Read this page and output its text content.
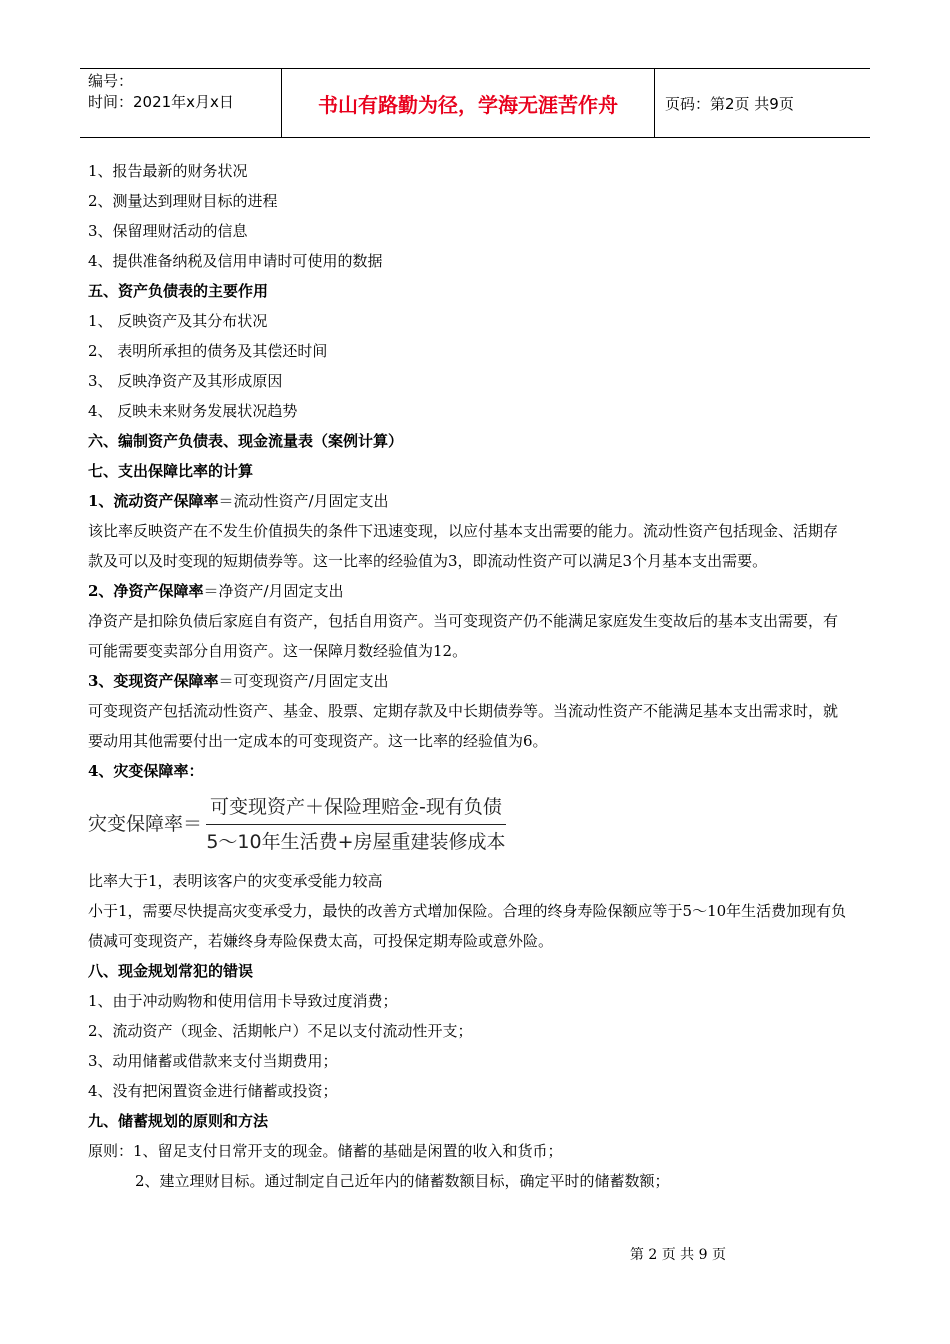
编号：
时间：2021年x月x日	书山有路勤为径，学海无涯苦作舟	页码：第2页 共9页

1、报告最新的财务状况

2、测量达到理财目标的进程

3、保留理财活动的信息

4、提供准备纳税及信用申请时可使用的数据

五、资产负债表的主要作用

1、 反映资产及其分布状况

2、 表明所承担的债务及其偿还时间

3、 反映净资产及其形成原因

4、 反映未来财务发展状况趋势

六、编制资产负债表、现金流量表（案例计算）

七、支出保障比率的计算

1、流动资产保障率＝流动性资产/月固定支出

该比率反映资产在不发生价值损失的条件下迅速变现，以应付基本支出需要的能力。流动性资产包括现金、活期存款及可以及时变现的短期债券等。这一比率的经验值为3，即流动性资产可以满足3个月基本支出需要。

2、净资产保障率＝净资产/月固定支出

净资产是扣除负债后家庭自有资产，包括自用资产。当可变现资产仍不能满足家庭发生变故后的基本支出需要，有可能需要变卖部分自用资产。这一保障月数经验值为12。

3、变现资产保障率＝可变现资产/月固定支出

可变现资产包括流动性资产、基金、股票、定期存款及中长期债券等。当流动性资产不能满足基本支出需求时，就要动用其他需要付出一定成本的可变现资产。这一比率的经验值为6。

4、灾变保障率：

灾变保障率＝ $\frac{\text{可变现资产＋保险理赔金-现有负债}}{\text{5～10年生活费+房屋重建装修成本}}$

比率大于1，表明该客户的灾变承受能力较高

小于1，需要尽快提高灾变承受力，最快的改善方式增加保险。合理的终身寿险保额应等于5～10年生活费加现有负债减可变现资产，若嫌终身寿险保费太高，可投保定期寿险或意外险。

八、现金规划常犯的错误

1、由于冲动购物和使用信用卡导致过度消费；

2、流动资产（现金、活期帐户）不足以支付流动性开支；

3、动用储蓄或借款来支付当期费用；

4、没有把闲置资金进行储蓄或投资；

九、储蓄规划的原则和方法

原则：1、留足支付日常开支的现金。储蓄的基础是闲置的收入和货币；

2、建立理财目标。通过制定自己近年内的储蓄数额目标，确定平时的储蓄数额；

第 2 页 共 9 页
